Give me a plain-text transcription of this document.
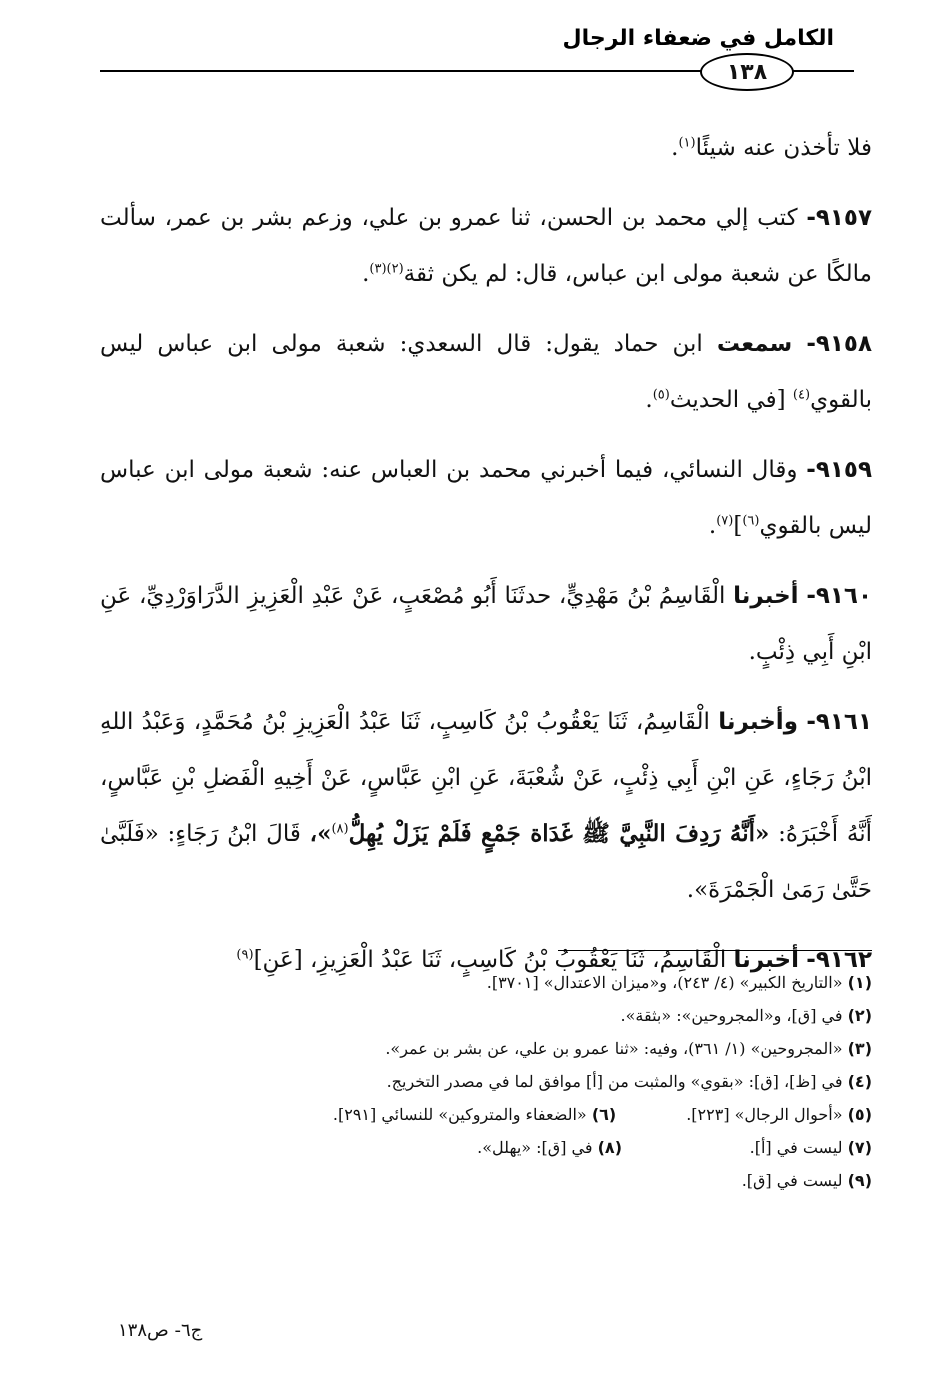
الكامل في ضعفاء الرجال
١٣٨

فلا تأخذن عنه شيئًا$^{(١)}$.

٩١٥٧- كتب إلي محمد بن الحسن، ثنا عمرو بن علي، وزعم بشر بن عمر، سألت مالكًا عن شعبة مولى ابن عباس، قال: لم يكن ثقة$^{(٢)(٣)}$.

٩١٥٨- سمعت ابن حماد يقول: قال السعدي: شعبة مولى ابن عباس ليس بالقوي$^{(٤)}$ [في الحديث$^{(٥)}$.

٩١٥٩- وقال النسائي، فيما أخبرني محمد بن العباس عنه: شعبة مولى ابن عباس ليس بالقوي$^{(٦)}$]$^{(٧)}$.

٩١٦٠- أخبرنا الْقَاسِمُ بْنُ مَهْدِيٍّ، حدثَنَا أَبُو مُصْعَبٍ، عَنْ عَبْدِ الْعَزِيزِ الدَّرَاوَرْدِيِّ، عَنِ ابْنِ أَبِي ذِئْبٍ.

٩١٦١- وأخبرنا الْقَاسِمُ، ثَنَا يَعْقُوبُ بْنُ كَاسِبٍ، ثَنَا عَبْدُ الْعَزِيزِ بْنُ مُحَمَّدٍ، وَعَبْدُ اللهِ ابْنُ رَجَاءٍ، عَنِ ابْنِ أَبِي ذِئْبٍ، عَنْ شُعْبَةَ، عَنِ ابْنِ عَبَّاسٍ، عَنْ أَخِيهِ الْفَضلِ بْنِ عَبَّاسٍ، أَنَّهُ أَخْبَرَهُ: «أَنَّهُ رَدِفَ النَّبِيَّ ﷺ غَدَاة جَمْعٍ فَلَمْ يَزَلْ يُهِلُّ$^{(٨)}$»، قَالَ ابْنُ رَجَاءٍ: «فَلَبَّىٰ حَتَّىٰ رَمَىٰ الْجَمْرَةَ».

٩١٦٢- أخبرنا الْقَاسِمُ، ثَنَا يَعْقُوبُ بْنُ كَاسِبٍ، ثَنَا عَبْدُ الْعَزِيزِ، [عَنِ]$^{(٩)}$

(١) «التاريخ الكبير» (٤/ ٢٤٣)، و«ميزان الاعتدال» [٣٧٠١].
(٢) في [ق]، و«المجروحين»: «بثقة».
(٣) «المجروحين» (١/ ٣٦١)، وفيه: «ثنا عمرو بن علي، عن بشر بن عمر».
(٤) في [ظ]، [ق]: «بقوي» والمثبت من [أ] موافق لما في مصدر التخريج.
(٥) «أحوال الرجال» [٢٢٣].
(٦) «الضعفاء والمتروكين» للنسائي [٢٩١].
(٧) ليست في [أ].
(٨) في [ق]: «يهلل».
(٩) ليست في [ق].
ج٦- ص١٣٨
